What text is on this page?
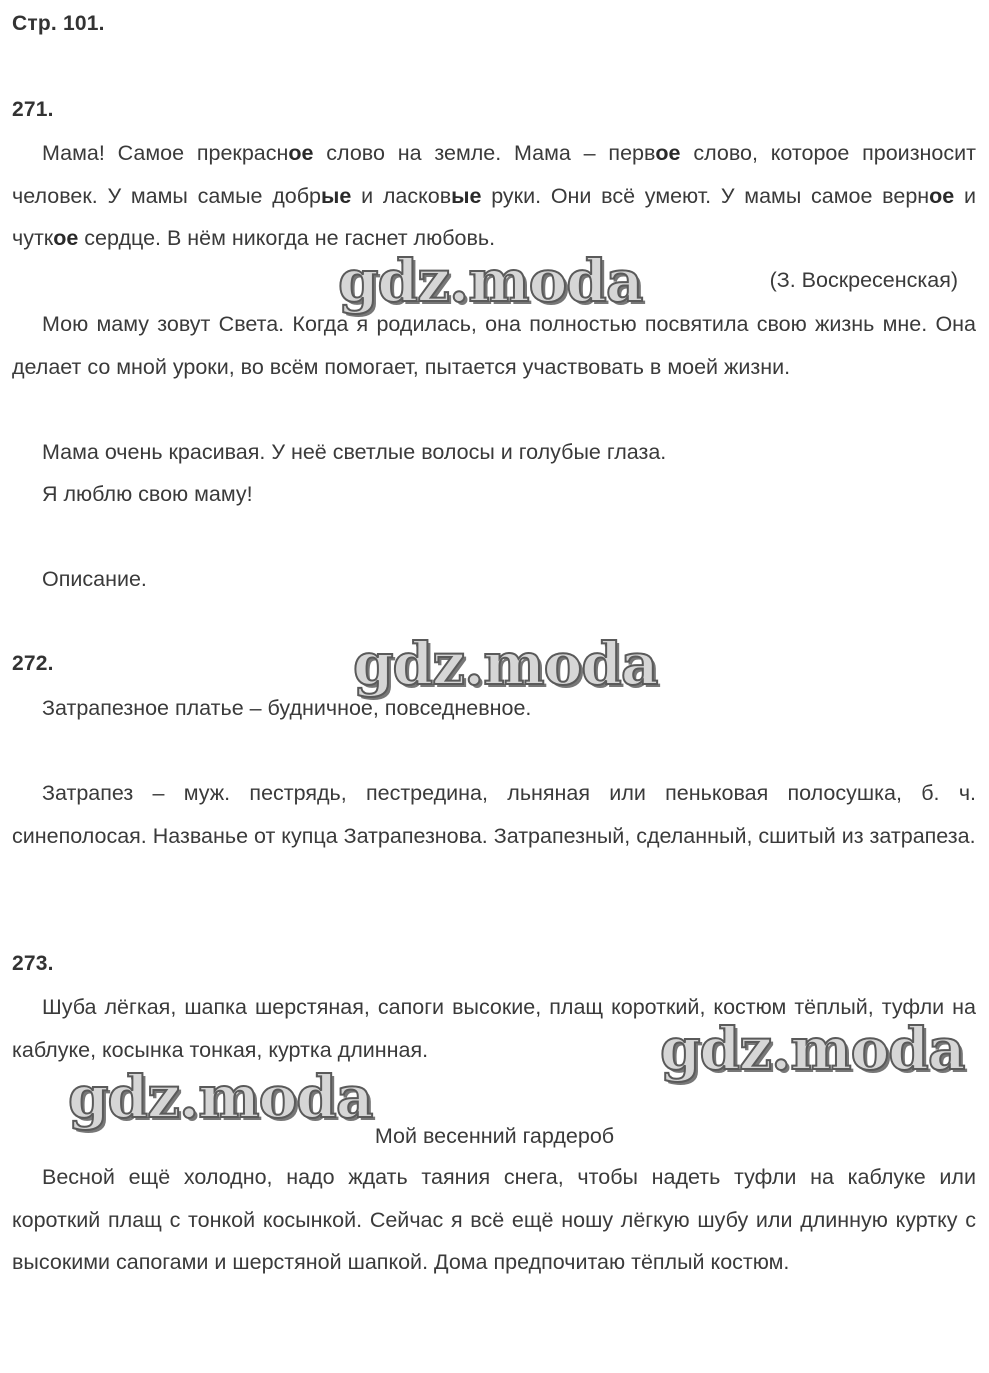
Стр. 101.
271.

Мама! Самое прекрасное слово на земле. Мама – первое слово, которое произносит человек. У мамы самые добрые и ласковые руки. Они всё умеют. У мамы самое верное и чуткое сердце. В нём никогда не гаснет любовь.

(З. Воскресенская)

Мою маму зовут Света. Когда я родилась, она полностью посвятила свою жизнь мне. Она делает со мной уроки, во всём помогает, пытается участвовать в моей жизни.

Мама очень красивая. У неё светлые волосы и голубые глаза.
Я люблю свою маму!
Описание.
272.
Затрапезное платье – будничное, повседневное.

Затрапез – муж. пестрядь, пестредина, льняная или пеньковая полосушка, б. ч. синеполосая. Названье от купца Затрапезнова. Затрапезный, сделанный, сшитый из затрапеза.

273.

Шуба лёгкая, шапка шерстяная, сапоги высокие, плащ короткий, костюм тёплый, туфли на каблуке, косынка тонкая, куртка длинная.

Мой весенний гардероб

Весной ещё холодно, надо ждать таяния снега, чтобы надеть туфли на каблуке или короткий плащ с тонкой косынкой. Сейчас я всё ещё ношу лёгкую шубу или длинную куртку с высокими сапогами и шерстяной шапкой. Дома предпочитаю тёплый костюм.

gdz.moda
gdz.moda
gdz.moda
gdz.moda
